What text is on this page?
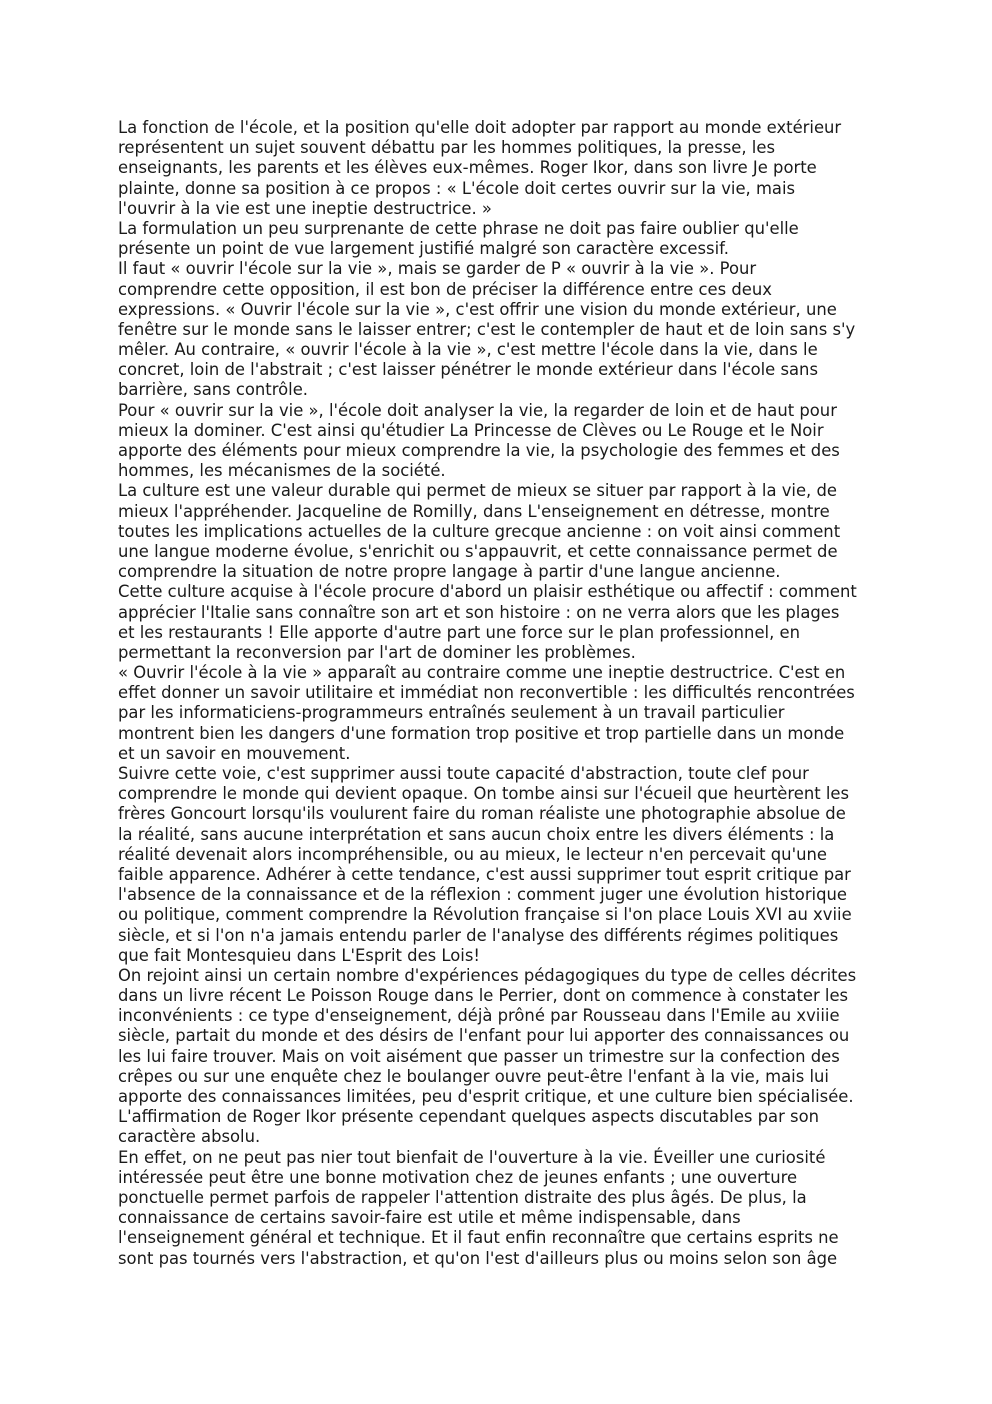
La fonction de l'école, et la position qu'elle doit adopter par rapport au monde extérieur
représentent un sujet souvent débattu par les hommes politiques, la presse, les
enseignants, les parents et les élèves eux-mêmes. Roger Ikor, dans son livre Je porte
plainte, donne sa position à ce propos : « L'école doit certes ouvrir sur la vie, mais
l'ouvrir à la vie est une ineptie destructrice. »
La formulation un peu surprenante de cette phrase ne doit pas faire oublier qu'elle
présente un point de vue largement justifié malgré son caractère excessif.
Il faut « ouvrir l'école sur la vie », mais se garder de P « ouvrir à la vie ». Pour
comprendre cette opposition, il est bon de préciser la différence entre ces deux
expressions. « Ouvrir l'école sur la vie », c'est offrir une vision du monde extérieur, une
fenêtre sur le monde sans le laisser entrer; c'est le contempler de haut et de loin sans s'y
mêler. Au contraire, « ouvrir l'école à la vie », c'est mettre l'école dans la vie, dans le
concret, loin de l'abstrait ; c'est laisser pénétrer le monde extérieur dans l'école sans
barrière, sans contrôle.
Pour « ouvrir sur la vie », l'école doit analyser la vie, la regarder de loin et de haut pour
mieux la dominer. C'est ainsi qu'étudier La Princesse de Clèves ou Le Rouge et le Noir
apporte des éléments pour mieux comprendre la vie, la psychologie des femmes et des
hommes, les mécanismes de la société.
La culture est une valeur durable qui permet de mieux se situer par rapport à la vie, de
mieux l'appréhender. Jacqueline de Romilly, dans L'enseignement en détresse, montre
toutes les implications actuelles de la culture grecque ancienne : on voit ainsi comment
une langue moderne évolue, s'enrichit ou s'appauvrit, et cette connaissance permet de
comprendre la situation de notre propre langage à partir d'une langue ancienne.
Cette culture acquise à l'école procure d'abord un plaisir esthétique ou affectif : comment
apprécier l'Italie sans connaître son art et son histoire : on ne verra alors que les plages
et les restaurants ! Elle apporte d'autre part une force sur le plan professionnel, en
permettant la reconversion par l'art de dominer les problèmes.
« Ouvrir l'école à la vie » apparaît au contraire comme une ineptie destructrice. C'est en
effet donner un savoir utilitaire et immédiat non reconvertible : les difficultés rencontrées
par les informaticiens-programmeurs entraînés seulement à un travail particulier
montrent bien les dangers d'une formation trop positive et trop partielle dans un monde
et un savoir en mouvement.
Suivre cette voie, c'est supprimer aussi toute capacité d'abstraction, toute clef pour
comprendre le monde qui devient opaque. On tombe ainsi sur l'écueil que heurtèrent les
frères Goncourt lorsqu'ils voulurent faire du roman réaliste une photographie absolue de
la réalité, sans aucune interprétation et sans aucun choix entre les divers éléments : la
réalité devenait alors incompréhensible, ou au mieux, le lecteur n'en percevait qu'une
faible apparence. Adhérer à cette tendance, c'est aussi supprimer tout esprit critique par
l'absence de la connaissance et de la réflexion : comment juger une évolution historique
ou politique, comment comprendre la Révolution française si l'on place Louis XVI au xviie
siècle, et si l'on n'a jamais entendu parler de l'analyse des différents régimes politiques
que fait Montesquieu dans L'Esprit des Lois!
On rejoint ainsi un certain nombre d'expériences pédagogiques du type de celles décrites
dans un livre récent Le Poisson Rouge dans le Perrier, dont on commence à constater les
inconvénients : ce type d'enseignement, déjà prôné par Rousseau dans l'Emile au xviiie
siècle, partait du monde et des désirs de l'enfant pour lui apporter des connaissances ou
les lui faire trouver. Mais on voit aisément que passer un trimestre sur la confection des
crêpes ou sur une enquête chez le boulanger ouvre peut-être l'enfant à la vie, mais lui
apporte des connaissances limitées, peu d'esprit critique, et une culture bien spécialisée.
L'affirmation de Roger Ikor présente cependant quelques aspects discutables par son
caractère absolu.
En effet, on ne peut pas nier tout bienfait de l'ouverture à la vie. Éveiller une curiosité
intéressée peut être une bonne motivation chez de jeunes enfants ; une ouverture
ponctuelle permet parfois de rappeler l'attention distraite des plus âgés. De plus, la
connaissance de certains savoir-faire est utile et même indispensable, dans
l'enseignement général et technique. Et il faut enfin reconnaître que certains esprits ne
sont pas tournés vers l'abstraction, et qu'on l'est d'ailleurs plus ou moins selon son âge
